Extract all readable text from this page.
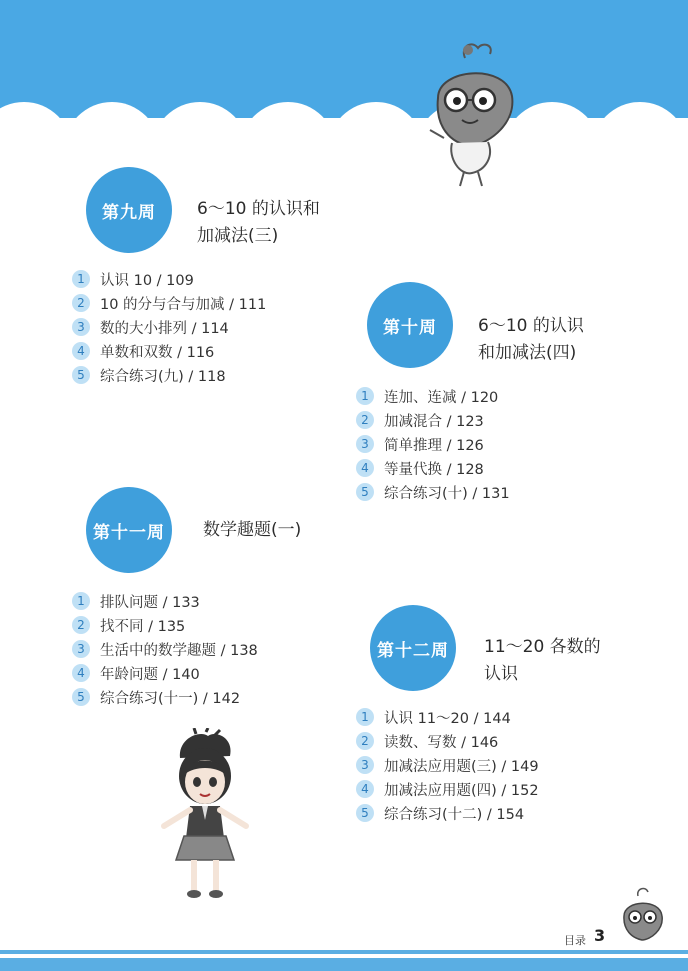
第九周	6～10 的认识和
加减法(三)
1	认识 10 / 109
2	10 的分与合与加减 / 111
3	数的大小排列 / 114
4	单数和双数 / 116
5	综合练习(九) / 118
第十周	6～10 的认识
和加减法(四)
1	连加、连减 / 120
2	加减混合 / 123
3	简单推理 / 126
4	等量代换 / 128
5	综合练习(十) / 131
第十一周	数学趣题(一)
1	排队问题 / 133
2	找不同 / 135
3	生活中的数学趣题 / 138
4	年龄问题 / 140
5	综合练习(十一) / 142
第十二周	11～20 各数的
认识
1	认识 11～20 / 144
2	读数、写数 / 146
3	加减法应用题(三) / 149
4	加减法应用题(四) / 152
5	综合练习(十二) / 154
目录 3
